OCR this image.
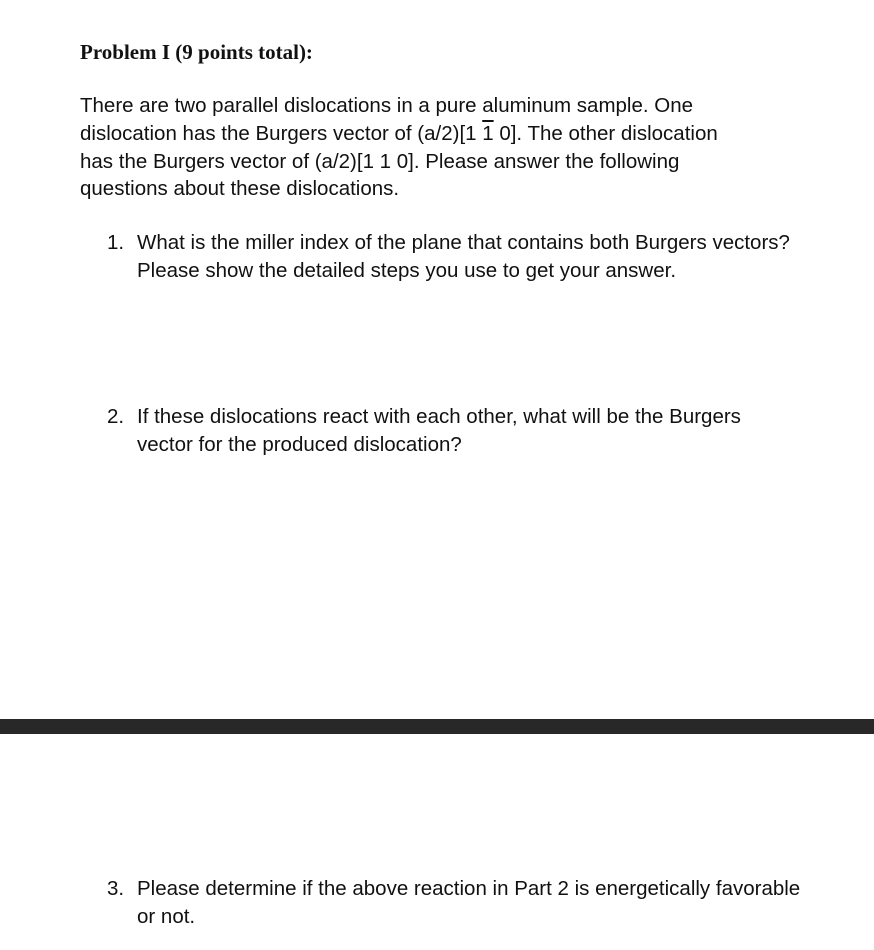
Problem I (9 points total):
There are two parallel dislocations in a pure aluminum sample. One
dislocation has the Burgers vector of (a/2)[1 1 0]. The other dislocation
has the Burgers vector of (a/2)[1 1 0]. Please answer the following
questions about these dislocations.
1. What is the miller index of the plane that contains both Burgers vectors? Please show the detailed steps you use to get your answer.
2. If these dislocations react with each other, what will be the Burgers vector for the produced dislocation?
3. Please determine if the above reaction in Part 2 is energetically favorable or not.
